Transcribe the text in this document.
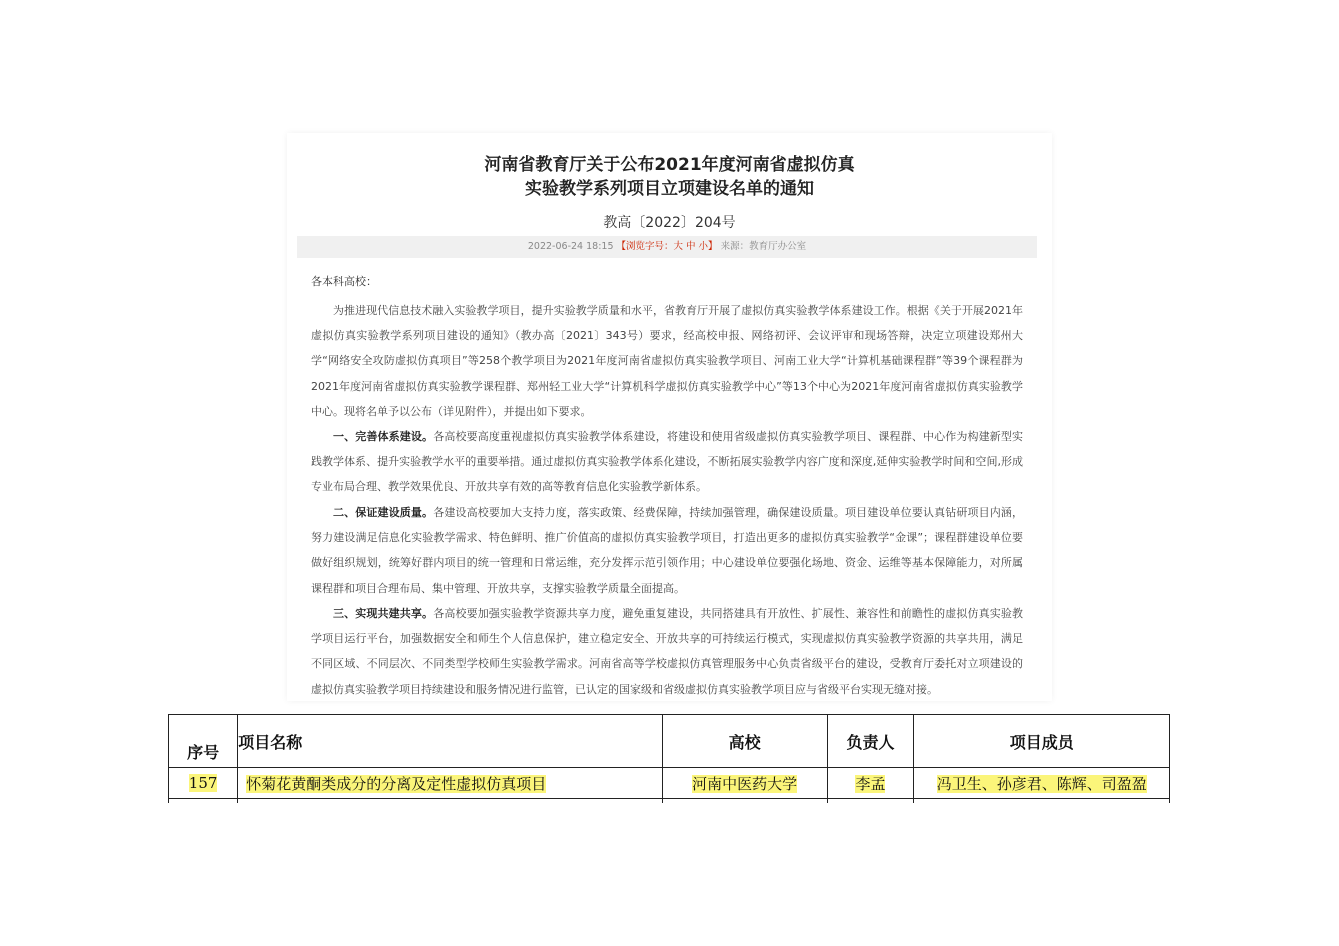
河南省教育厅关于公布2021年度河南省虚拟仿真
实验教学系列项目立项建设名单的通知
教高〔2022〕204号
2022-06-24 18:15 【浏览字号：大 中 小】 来源：教育厅办公室
各本科高校：

为推进现代信息技术融入实验教学项目，提升实验教学质量和水平，省教育厅开展了虚拟仿真实验教学体系建设工作。根据《关于开展2021年虚拟仿真实验教学系列项目建设的通知》（教办高〔2021〕343号）要求，经高校申报、网络初评、会议评审和现场答辩，决定立项建设郑州大学“网络安全攻防虚拟仿真项目”等258个教学项目为2021年度河南省虚拟仿真实验教学项目、河南工业大学“计算机基础课程群”等39个课程群为2021年度河南省虚拟仿真实验教学课程群、郑州轻工业大学“计算机科学虚拟仿真实验教学中心”等13个中心为2021年度河南省虚拟仿真实验教学中心。现将名单予以公布（详见附件），并提出如下要求。

一、完善体系建设。各高校要高度重视虚拟仿真实验教学体系建设，将建设和使用省级虚拟仿真实验教学项目、课程群、中心作为构建新型实践教学体系、提升实验教学水平的重要举措。通过虚拟仿真实验教学体系化建设，不断拓展实验教学内容广度和深度,延伸实验教学时间和空间,形成专业布局合理、教学效果优良、开放共享有效的高等教育信息化实验教学新体系。

二、保证建设质量。各建设高校要加大支持力度，落实政策、经费保障，持续加强管理，确保建设质量。项目建设单位要认真钻研项目内涵，努力建设满足信息化实验教学需求、特色鲜明、推广价值高的虚拟仿真实验教学项目，打造出更多的虚拟仿真实验教学“金课”；课程群建设单位要做好组织规划，统筹好群内项目的统一管理和日常运维，充分发挥示范引领作用；中心建设单位要强化场地、资金、运维等基本保障能力，对所属课程群和项目合理布局、集中管理、开放共享，支撑实验教学质量全面提高。

三、实现共建共享。各高校要加强实验教学资源共享力度，避免重复建设，共同搭建具有开放性、扩展性、兼容性和前瞻性的虚拟仿真实验教学项目运行平台，加强数据安全和师生个人信息保护，建立稳定安全、开放共享的可持续运行模式，实现虚拟仿真实验教学资源的共享共用，满足不同区域、不同层次、不同类型学校师生实验教学需求。河南省高等学校虚拟仿真管理服务中心负责省级平台的建设，受教育厅委托对立项建设的虚拟仿真实验教学项目持续建设和服务情况进行监管，已认定的国家级和省级虚拟仿真实验教学项目应与省级平台实现无缝对接。

序号	项目名称	高校	负责人	项目成员
157	怀菊花黄酮类成分的分离及定性虚拟仿真项目	河南中医药大学	李孟	冯卫生、孙彦君、陈辉、司盈盈
